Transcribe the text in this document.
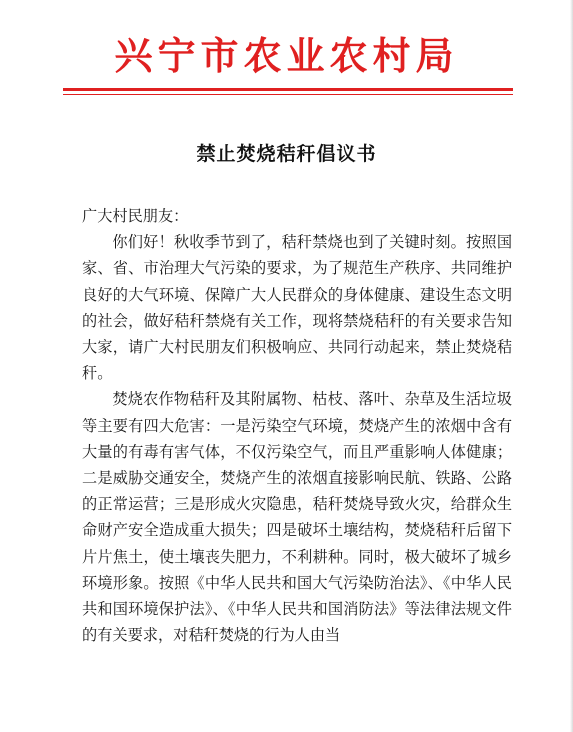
兴宁市农业农村局
禁止焚烧秸秆倡议书

广大村民朋友：

你们好！秋收季节到了，秸秆禁烧也到了关键时刻。按照国家、省、市治理大气污染的要求，为了规范生产秩序、共同维护良好的大气环境、保障广大人民群众的身体健康、建设生态文明的社会，做好秸秆禁烧有关工作，现将禁烧秸秆的有关要求告知大家，请广大村民朋友们积极响应、共同行动起来，禁止焚烧秸秆。

焚烧农作物秸秆及其附属物、枯枝、落叶、杂草及生活垃圾等主要有四大危害：一是污染空气环境，焚烧产生的浓烟中含有大量的有毒有害气体，不仅污染空气，而且严重影响人体健康；二是威胁交通安全，焚烧产生的浓烟直接影响民航、铁路、公路的正常运营；三是形成火灾隐患，秸秆焚烧导致火灾，给群众生命财产安全造成重大损失；四是破坏土壤结构，焚烧秸秆后留下片片焦土，使土壤丧失肥力，不利耕种。同时，极大破坏了城乡环境形象。按照《中华人民共和国大气污染防治法》、《中华人民共和国环境保护法》、《中华人民共和国消防法》等法律法规文件的有关要求，对秸秆焚烧的行为人由当
